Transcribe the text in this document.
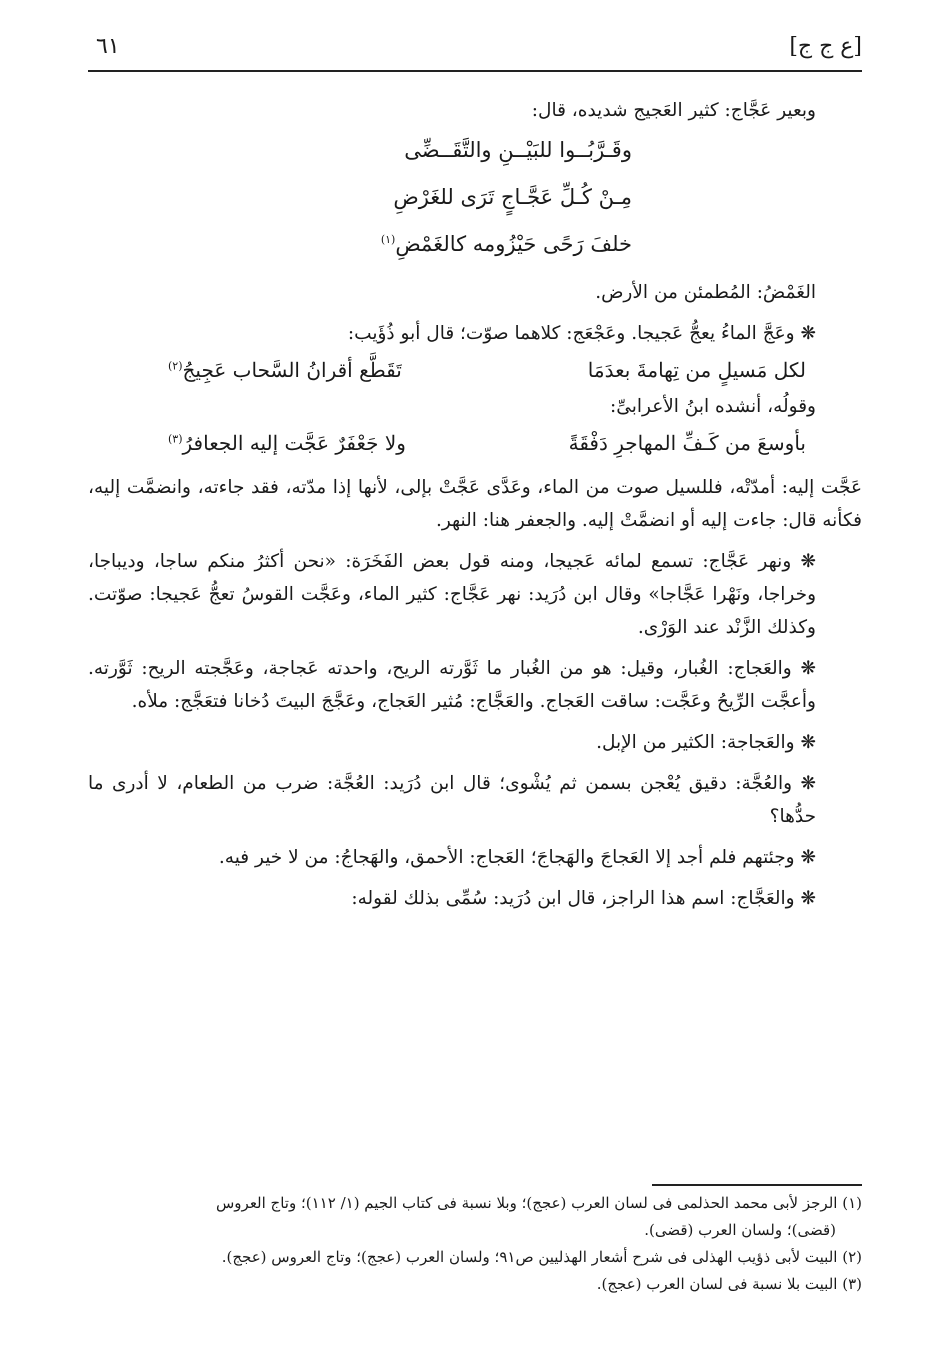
[ع ج ج]
٦١

وبعير عَجَّاج: كثير العَجيج شديده، قال:

وقَـرَّبُــوا للبَيْــنِ والتَّقَــضِّى
مِـنْ كُـلِّ عَجَّـاجٍ تَرَى للغَرْضِ
خلفَ رَحًى حَيْزُومه كالغَمْضِ$^{(١)}$

الغَمْضُ: المُطمئن من الأرض.

❋ وعَجَّ الماءُ يعجُّ عَجيجا. وعَجْعَج: كلاهما صوّت؛ قال أبو ذُؤَيب:

لكل مَسيلٍ من تِهامةَ بعدَمَا
تَقَطَّع أقرانُ السَّحاب عَجِيجُ$^{(٢)}$

وقولُه، أنشده ابنُ الأعرابىِّ:

بأوسعَ من كَـفِّ المهاجرِ دَفْقَةً
ولا جَعْفَرٌ عَجَّت إليه الجعافرُ$^{(٣)}$

عَجَّت إليه: أمدّتْه، فللسيل صوت من الماء، وعَدَّى عَجَّتْ بإلى، لأنها إذا مدّته، فقد جاءته، وانضمَّت إليه، فكأنه قال: جاءت إليه أو انضمَّتْ إليه. والجعفر هنا: النهر.

❋ ونهر عَجَّاج: تسمع لمائه عَجيجا، ومنه قول بعض الفَخَرَة: «نحن أكثرُ منكم ساجا، وديباجا، وخراجا، ونَهْرا عَجَّاجا» وقال ابن دُرَيد: نهر عَجَّاج: كثير الماء، وعَجَّت القوسُ تعجُّ عَجيجا: صوّتت. وكذلك الزَّنْد عند الوَرْى.

❋ والعَجاج: الغُبار، وقيل: هو من الغُبار ما ثَوَّرته الريح، واحدته عَجاجة، وعَجَّجته الريح: ثَوَّرته. وأعجَّت الرِّيحُ وعَجَّت: ساقت العَجاج. والعَجَّاج: مُثير العَجاج، وعَجَّجَ البيتَ دُخانا فتعَجَّج: ملأه.

❋ والعَجاجة: الكثير من الإبل.

❋ والعُجَّة: دقيق يُعْجن بسمن ثم يُشْوى؛ قال ابن دُرَيد: العُجَّة: ضرب من الطعام، لا أدرى ما حدُّها؟

❋ وجئتهم فلم أجد إلا العَجاجَ والهَجاجَ؛ العَجاج: الأحمق، والهَجاجُ: من لا خير فيه.

❋ والعَجَّاج: اسم هذا الراجز، قال ابن دُرَيد: سُمِّى بذلك لقوله:

(١) الرجز لأبى محمد الحذلمى فى لسان العرب (عجج)؛ وبلا نسبة فى كتاب الجيم (١/ ١١٢)؛ وتاج العروس
(قضى)؛ ولسان العرب (قضى).
(٢) البيت لأبى ذؤيب الهذلى فى شرح أشعار الهذليين ص٩١؛ ولسان العرب (عجج)؛ وتاج العروس (عجج).
(٣) البيت بلا نسبة فى لسان العرب (عجج).
